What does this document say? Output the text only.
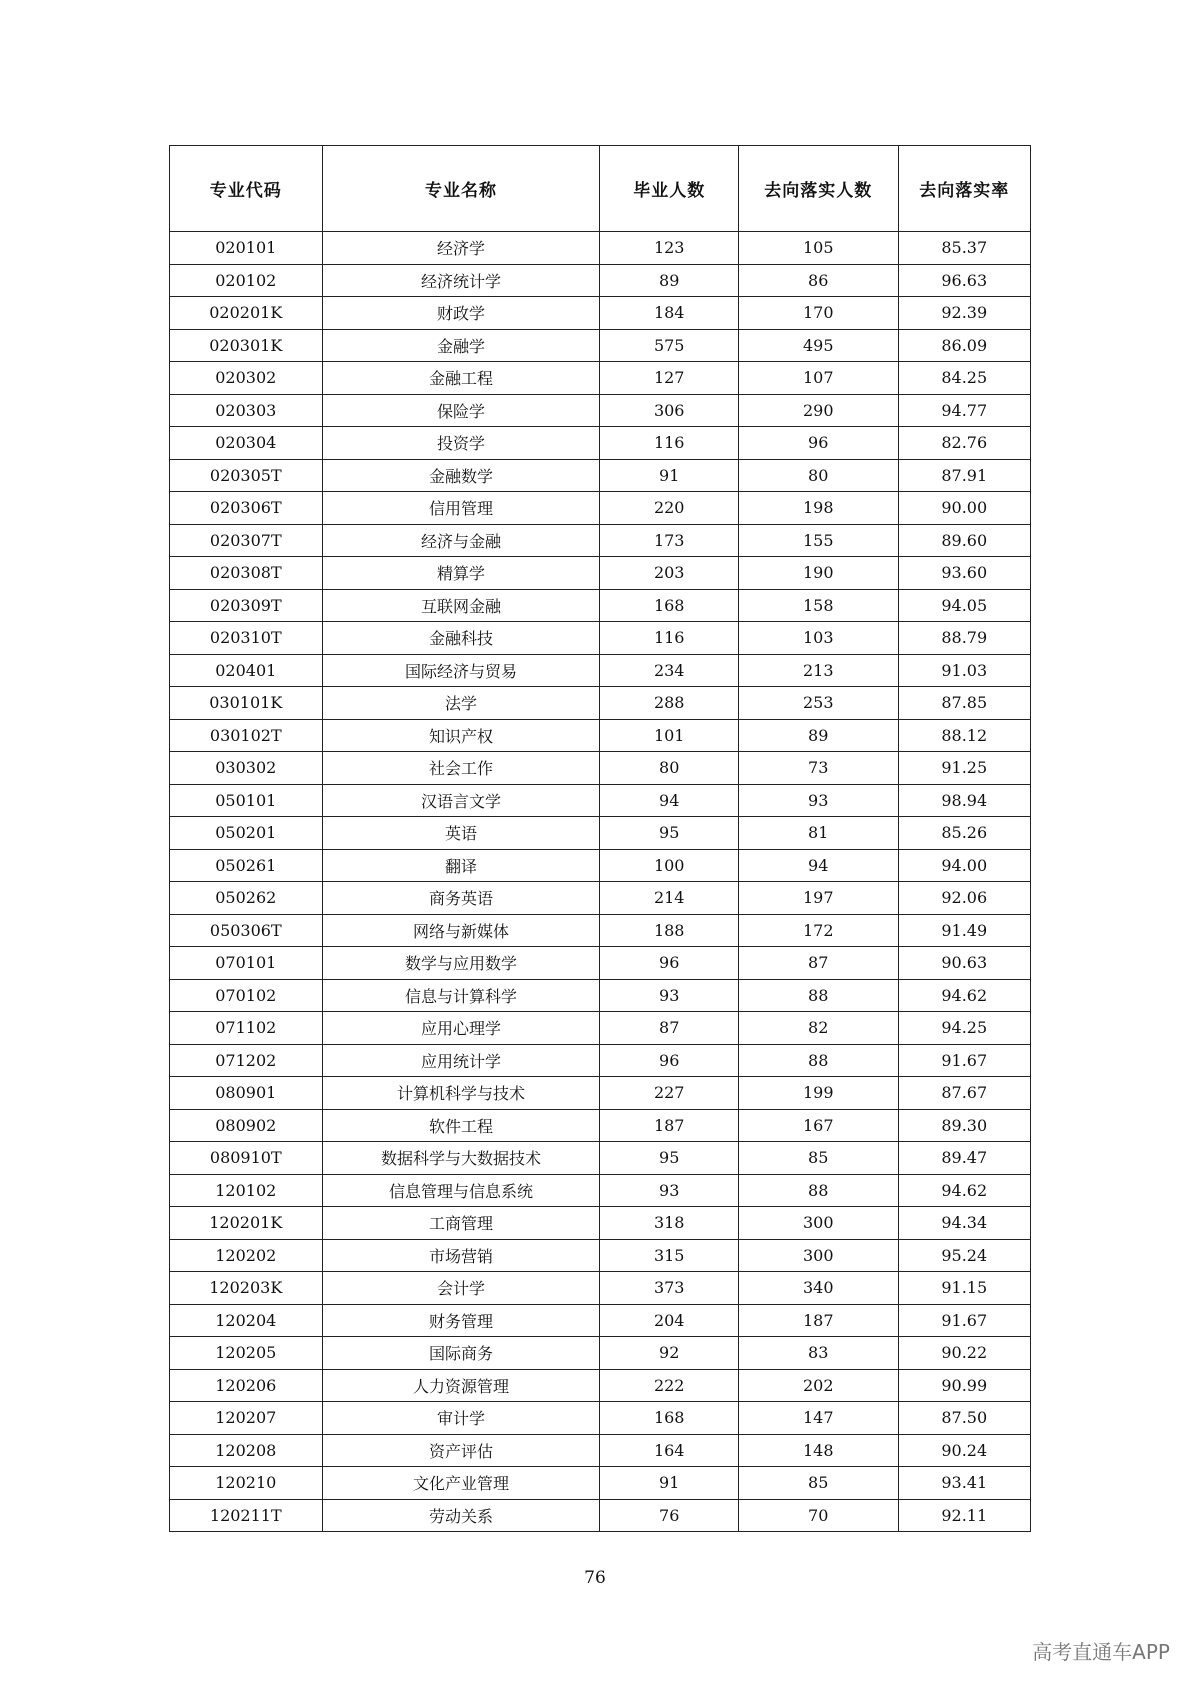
专业代码	专业名称	毕业人数	去向落实人数	去向落实率
020101	经济学	123	105	85.37
020102	经济统计学	89	86	96.63
020201K	财政学	184	170	92.39
020301K	金融学	575	495	86.09
020302	金融工程	127	107	84.25
020303	保险学	306	290	94.77
020304	投资学	116	96	82.76
020305T	金融数学	91	80	87.91
020306T	信用管理	220	198	90.00
020307T	经济与金融	173	155	89.60
020308T	精算学	203	190	93.60
020309T	互联网金融	168	158	94.05
020310T	金融科技	116	103	88.79
020401	国际经济与贸易	234	213	91.03
030101K	法学	288	253	87.85
030102T	知识产权	101	89	88.12
030302	社会工作	80	73	91.25
050101	汉语言文学	94	93	98.94
050201	英语	95	81	85.26
050261	翻译	100	94	94.00
050262	商务英语	214	197	92.06
050306T	网络与新媒体	188	172	91.49
070101	数学与应用数学	96	87	90.63
070102	信息与计算科学	93	88	94.62
071102	应用心理学	87	82	94.25
071202	应用统计学	96	88	91.67
080901	计算机科学与技术	227	199	87.67
080902	软件工程	187	167	89.30
080910T	数据科学与大数据技术	95	85	89.47
120102	信息管理与信息系统	93	88	94.62
120201K	工商管理	318	300	94.34
120202	市场营销	315	300	95.24
120203K	会计学	373	340	91.15
120204	财务管理	204	187	91.67
120205	国际商务	92	83	90.22
120206	人力资源管理	222	202	90.99
120207	审计学	168	147	87.50
120208	资产评估	164	148	90.24
120210	文化产业管理	91	85	93.41
120211T	劳动关系	76	70	92.11
76
高考直通车APP
